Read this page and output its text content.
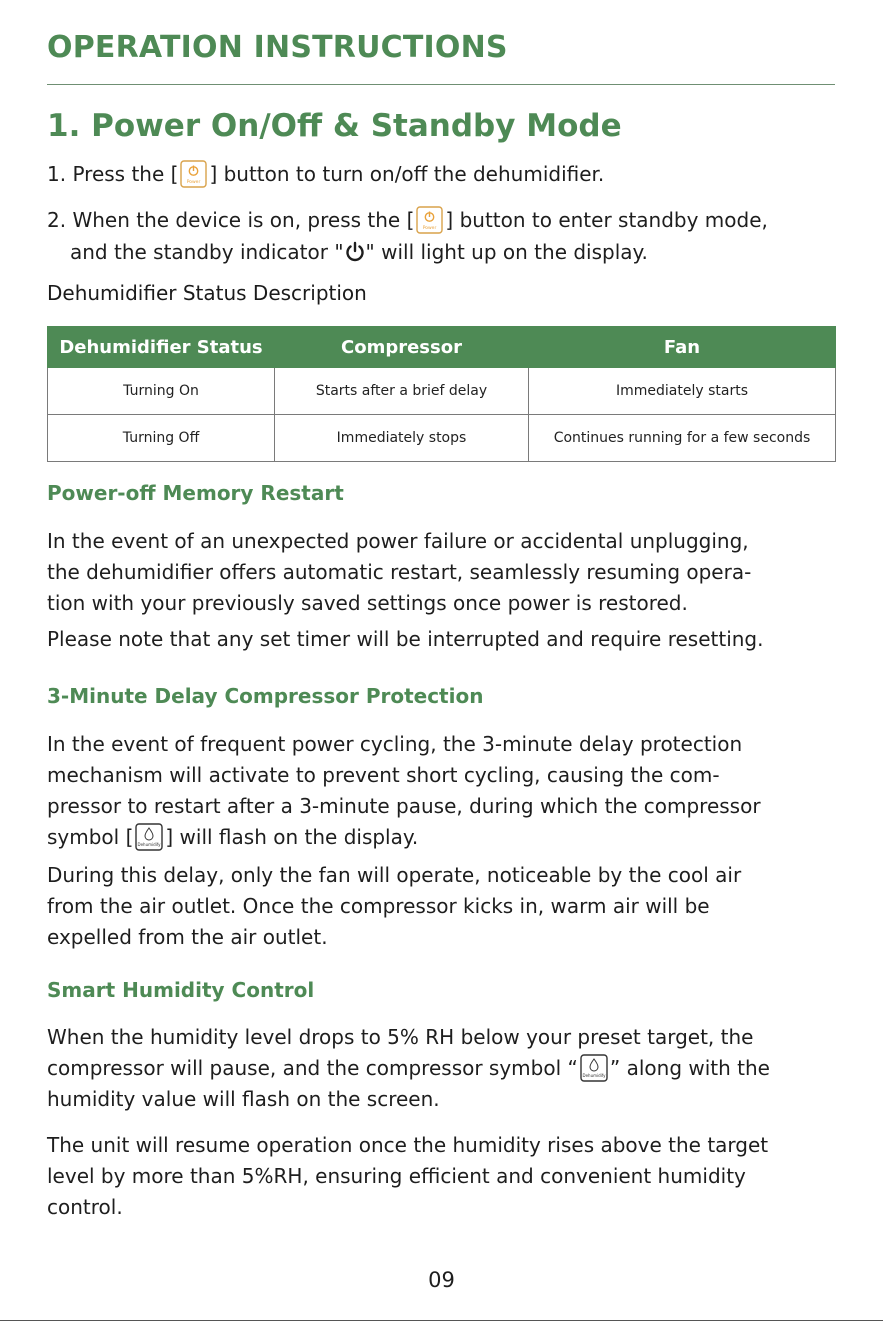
OPERATION INSTRUCTIONS
1. Power On/Off & Standby Mode
1. Press the [ Power ] button to turn on/off the dehumidifier.
2. When the device is on, press the [ Power ] button to enter standby mode,
and the standby indicator " " will light up on the display.
Dehumidifier Status Description
Dehumidifier Status	Compressor	Fan
Turning On	Starts after a brief delay	Immediately starts
Turning Off	Immediately stops	Continues running for a few seconds
Power-off Memory Restart

In the event of an unexpected power failure or accidental unplugging,

the dehumidifier offers automatic restart, seamlessly resuming opera-

tion with your previously saved settings once power is restored.

Please note that any set timer will be interrupted and require resetting.
3-Minute Delay Compressor Protection

In the event of frequent power cycling, the 3-minute delay protection

mechanism will activate to prevent short cycling, causing the com-

pressor to restart after a 3-minute pause, during which the compressor

symbol [ Dehumidify ] will flash on the display.

During this delay, only the fan will operate, noticeable by the cool air

from the air outlet. Once the compressor kicks in, warm air will be

expelled from the air outlet.

Smart Humidity Control

When the humidity level drops to 5% RH below your preset target, the

compressor will pause, and the compressor symbol “ Dehumidify ” along with the

humidity value will flash on the screen.

The unit will resume operation once the humidity rises above the target

level by more than 5%RH, ensuring efficient and convenient humidity

control.

09
